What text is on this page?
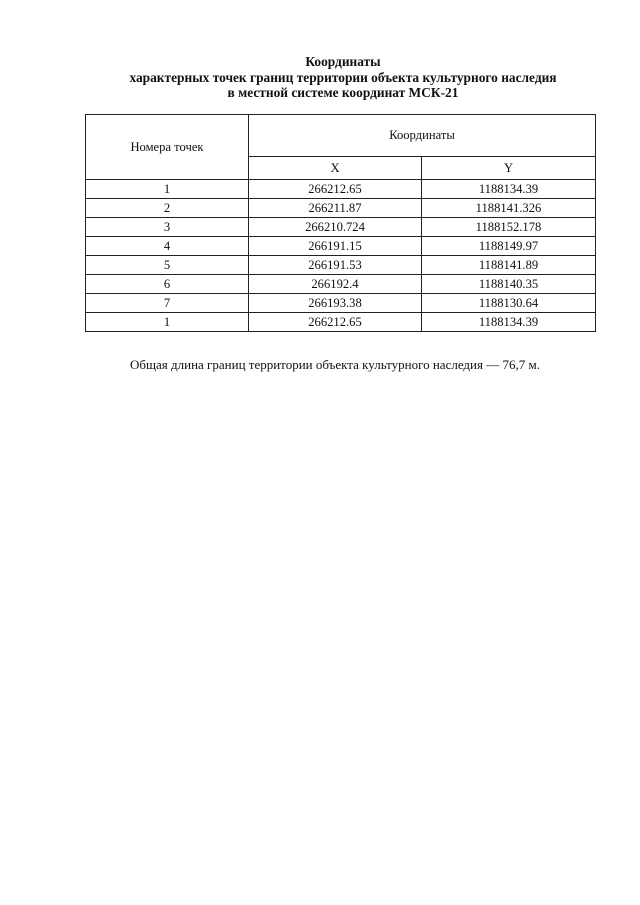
Координаты
характерных точек границ территории объекта культурного наследия
в местной системе координат МСК-21
Номера точек	Координаты	
	X	Y
1	266212.65	1188134.39
2	266211.87	1188141.326
3	266210.724	1188152.178
4	266191.15	1188149.97
5	266191.53	1188141.89
6	266192.4	1188140.35
7	266193.38	1188130.64
1	266212.65	1188134.39
Общая длина границ территории объекта культурного наследия — 76,7 м.
